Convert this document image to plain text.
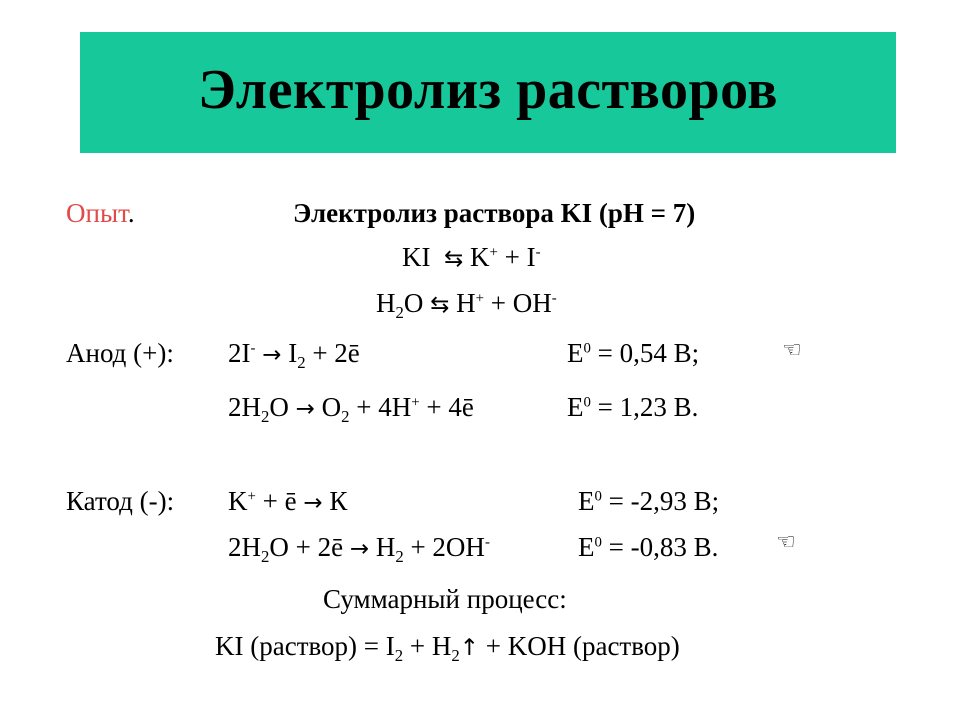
Электролиз растворов
Опыт.	Электролиз раствора KI (pH = 7)
KI ⇆ K+ + I-
$H_2O$ ⇆ H+ + OH-
Анод (+): $2I^- \to I_2$ + 2ē	$E^0 = 0,54$ В;	☜
$2H_2O \to O_2 + 4H^+$ + 4ē	$E^0 = 1,23$ В.
Катод (-): K+ + ē → К	$E^0 = -2,93$ В;
$2H_2O$ + 2ē → $H_2 + 2OH^-$	$E^0 = -0,83$ В.	☜
Суммарный процесс:
KI (раствор) = $I_2$ + $H_2↑$ + KOH (раствор)
